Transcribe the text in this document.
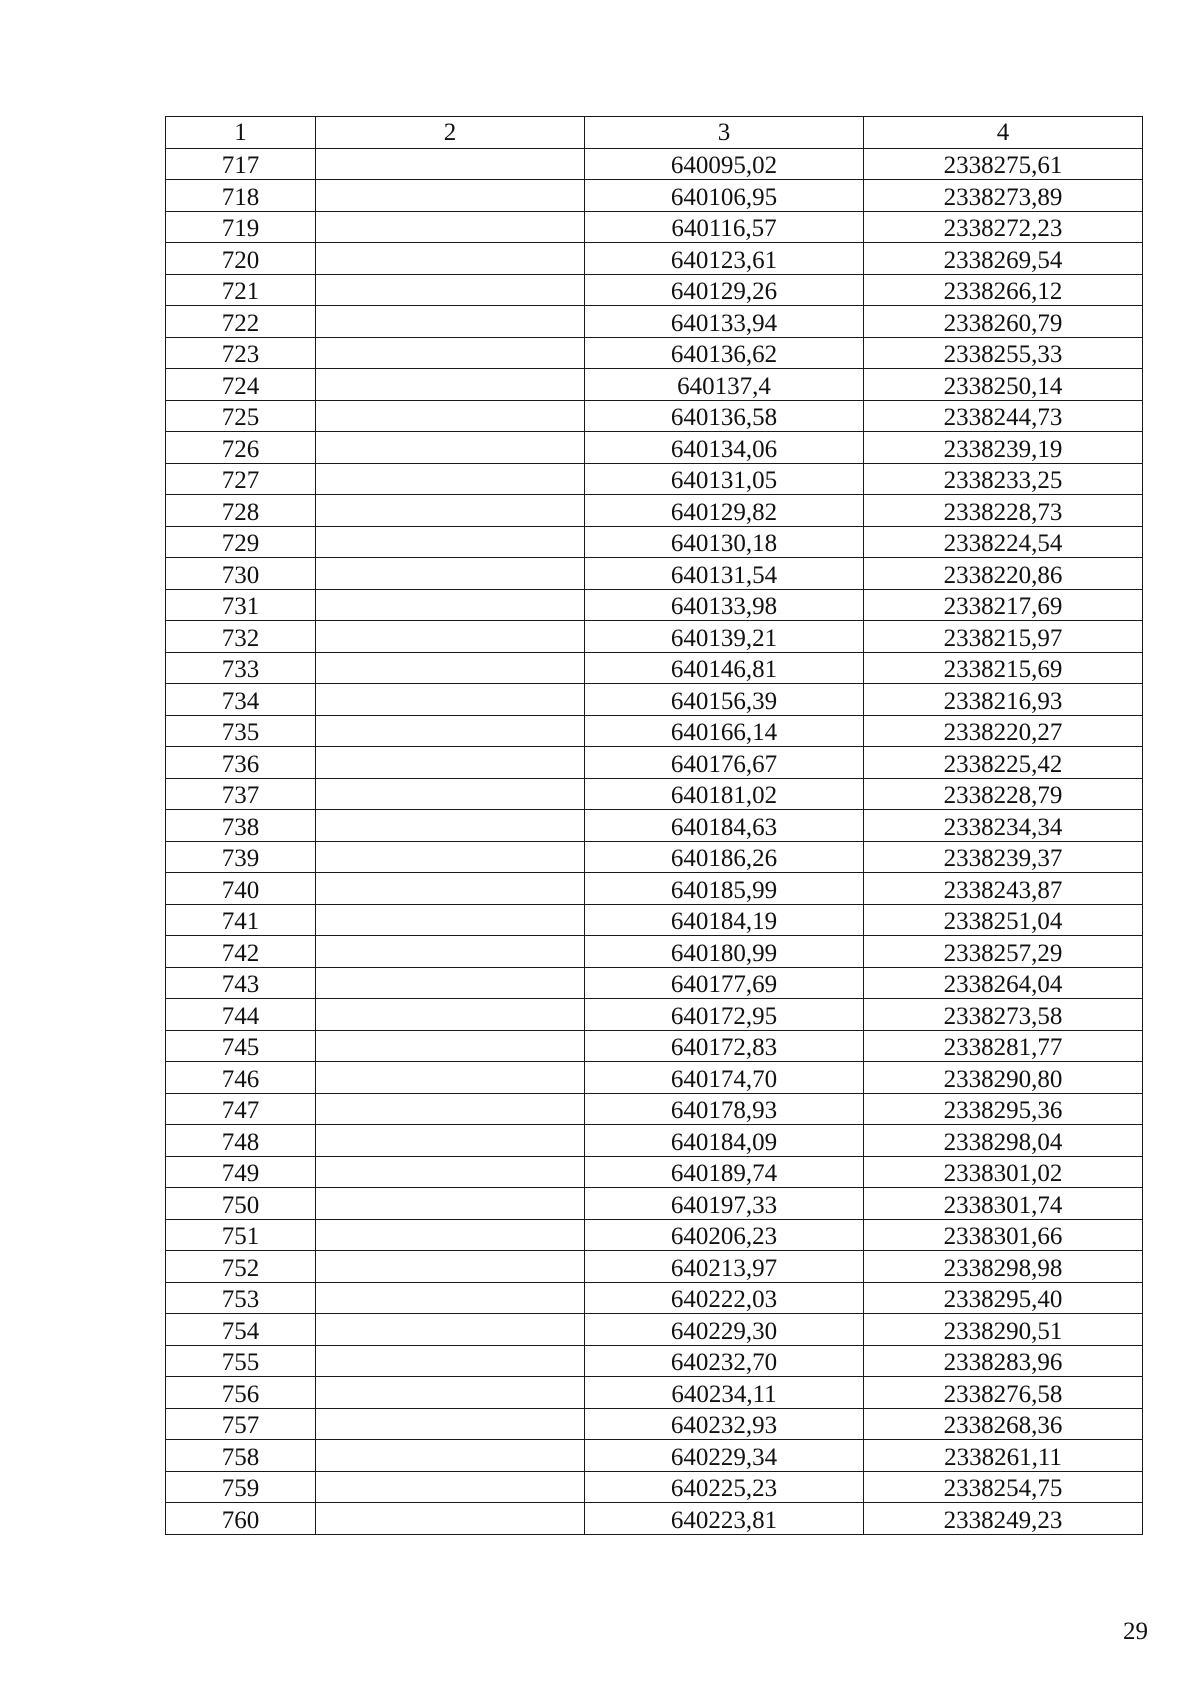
1	2	3	4
717		640095,02	2338275,61
718		640106,95	2338273,89
719		640116,57	2338272,23
720		640123,61	2338269,54
721		640129,26	2338266,12
722		640133,94	2338260,79
723		640136,62	2338255,33
724		640137,4	2338250,14
725		640136,58	2338244,73
726		640134,06	2338239,19
727		640131,05	2338233,25
728		640129,82	2338228,73
729		640130,18	2338224,54
730		640131,54	2338220,86
731		640133,98	2338217,69
732		640139,21	2338215,97
733		640146,81	2338215,69
734		640156,39	2338216,93
735		640166,14	2338220,27
736		640176,67	2338225,42
737		640181,02	2338228,79
738		640184,63	2338234,34
739		640186,26	2338239,37
740		640185,99	2338243,87
741		640184,19	2338251,04
742		640180,99	2338257,29
743		640177,69	2338264,04
744		640172,95	2338273,58
745		640172,83	2338281,77
746		640174,70	2338290,80
747		640178,93	2338295,36
748		640184,09	2338298,04
749		640189,74	2338301,02
750		640197,33	2338301,74
751		640206,23	2338301,66
752		640213,97	2338298,98
753		640222,03	2338295,40
754		640229,30	2338290,51
755		640232,70	2338283,96
756		640234,11	2338276,58
757		640232,93	2338268,36
758		640229,34	2338261,11
759		640225,23	2338254,75
760		640223,81	2338249,23
29
